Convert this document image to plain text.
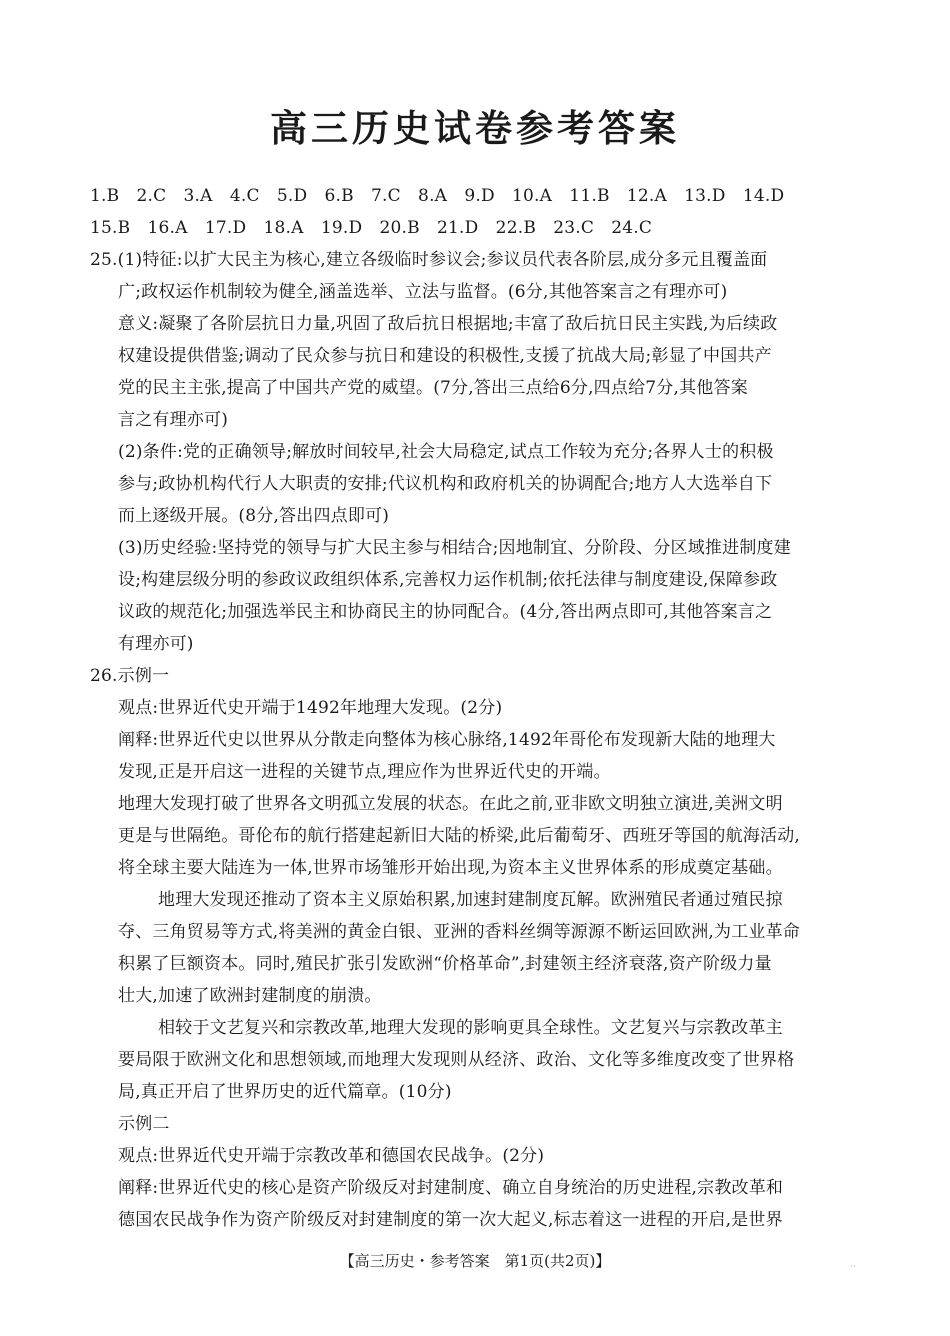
高三历史试卷参考答案
1.B　2.C　3.A　4.C　5.D　6.B　7.C　8.A　9.D　10.A　11.B　12.A　13.D　14.D
15.B　16.A　17.D　18.A　19.D　20.B　21.D　22.B　23.C　24.C
25.(1)特征:以扩大民主为核心,建立各级临时参议会;参议员代表各阶层,成分多元且覆盖面
广;政权运作机制较为健全,涵盖选举、立法与监督。(6分,其他答案言之有理亦可)
意义:凝聚了各阶层抗日力量,巩固了敌后抗日根据地;丰富了敌后抗日民主实践,为后续政
权建设提供借鉴;调动了民众参与抗日和建设的积极性,支援了抗战大局;彰显了中国共产
党的民主主张,提高了中国共产党的威望。(7分,答出三点给6分,四点给7分,其他答案
言之有理亦可)
(2)条件:党的正确领导;解放时间较早,社会大局稳定,试点工作较为充分;各界人士的积极
参与;政协机构代行人大职责的安排;代议机构和政府机关的协调配合;地方人大选举自下
而上逐级开展。(8分,答出四点即可)
(3)历史经验:坚持党的领导与扩大民主参与相结合;因地制宜、分阶段、分区域推进制度建
设;构建层级分明的参政议政组织体系,完善权力运作机制;依托法律与制度建设,保障参政
议政的规范化;加强选举民主和协商民主的协同配合。(4分,答出两点即可,其他答案言之
有理亦可)
26.示例一
观点:世界近代史开端于1492年地理大发现。(2分)
阐释:世界近代史以世界从分散走向整体为核心脉络,1492年哥伦布发现新大陆的地理大
发现,正是开启这一进程的关键节点,理应作为世界近代史的开端。
地理大发现打破了世界各文明孤立发展的状态。在此之前,亚非欧文明独立演进,美洲文明
更是与世隔绝。哥伦布的航行搭建起新旧大陆的桥梁,此后葡萄牙、西班牙等国的航海活动,
将全球主要大陆连为一体,世界市场雏形开始出现,为资本主义世界体系的形成奠定基础。
地理大发现还推动了资本主义原始积累,加速封建制度瓦解。欧洲殖民者通过殖民掠
夺、三角贸易等方式,将美洲的黄金白银、亚洲的香料丝绸等源源不断运回欧洲,为工业革命
积累了巨额资本。同时,殖民扩张引发欧洲“价格革命”,封建领主经济衰落,资产阶级力量
壮大,加速了欧洲封建制度的崩溃。
相较于文艺复兴和宗教改革,地理大发现的影响更具全球性。文艺复兴与宗教改革主
要局限于欧洲文化和思想领域,而地理大发现则从经济、政治、文化等多维度改变了世界格
局,真正开启了世界历史的近代篇章。(10分)
示例二
观点:世界近代史开端于宗教改革和德国农民战争。(2分)
阐释:世界近代史的核心是资产阶级反对封建制度、确立自身统治的历史进程,宗教改革和
德国农民战争作为资产阶级反对封建制度的第一次大起义,标志着这一进程的开启,是世界
【高三历史・参考答案　第1页(共2页)】	··
